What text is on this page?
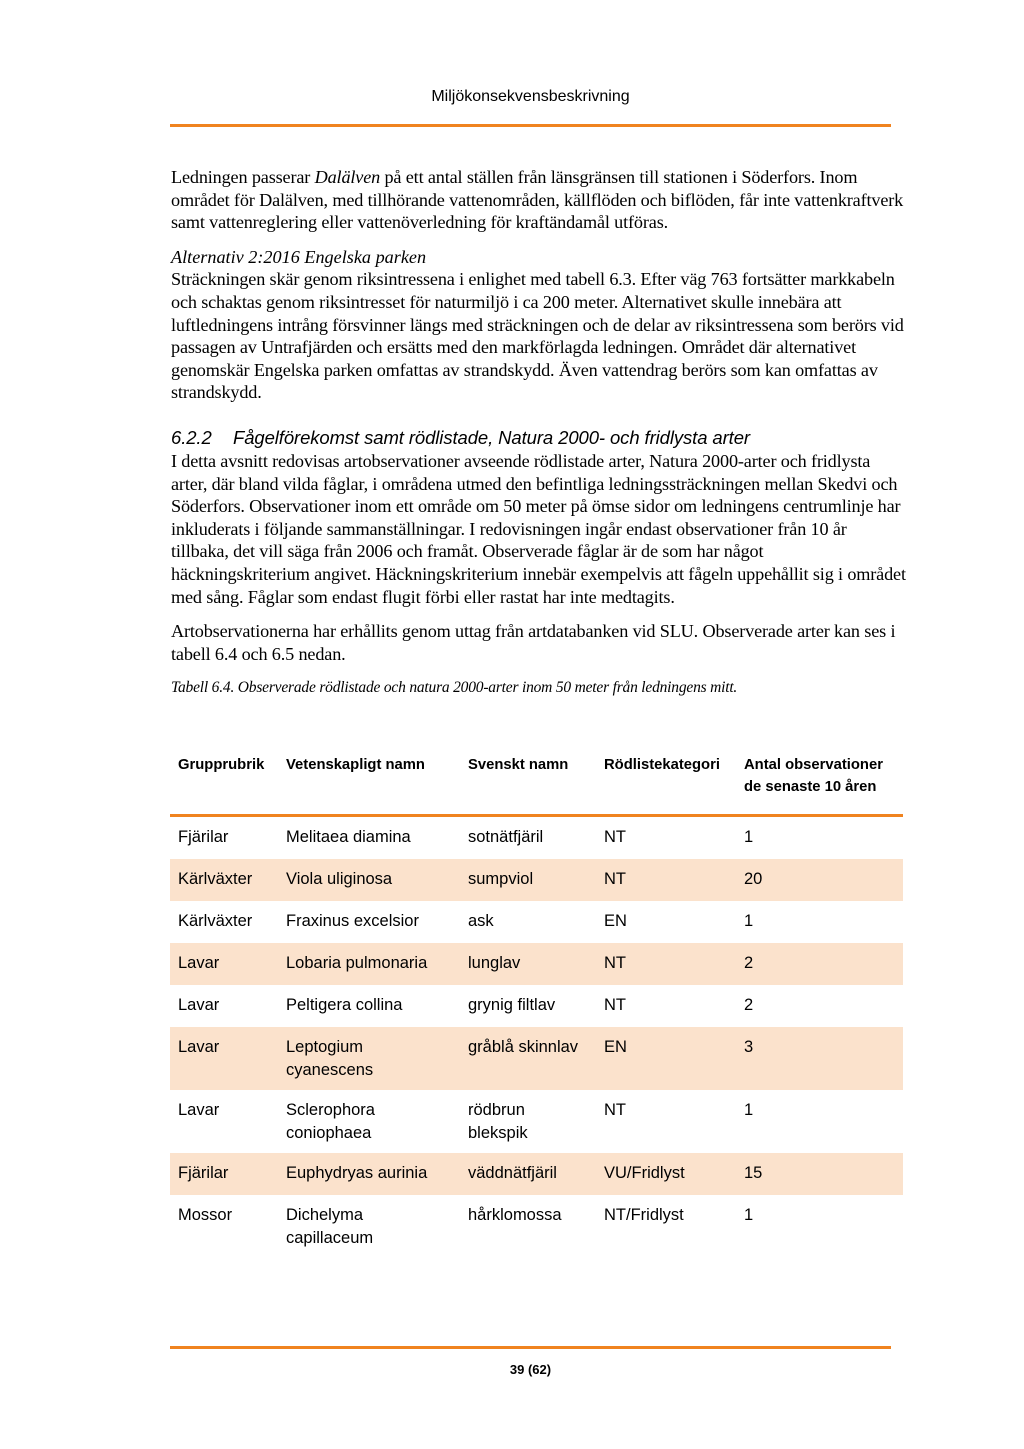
Miljökonsekvensbeskrivning

Ledningen passerar Dalälven på ett antal ställen från länsgränsen till stationen i Söderfors. Inom området för Dalälven, med tillhörande vattenområden, källflöden och biflöden, får inte vattenkraftverk samt vattenreglering eller vattenöverledning för kraftändamål utföras.

Alternativ 2:2016 Engelska parken

Sträckningen skär genom riksintressena i enlighet med tabell 6.3. Efter väg 763 fortsätter markkabeln och schaktas genom riksintresset för naturmiljö i ca 200 meter. Alternativet skulle innebära att luftledningens intrång försvinner längs med sträckningen och de delar av riksintressena som berörs vid passagen av Untrafjärden och ersätts med den markförlagda ledningen. Området där alternativet genomskär Engelska parken omfattas av strandskydd. Även vattendrag berörs som kan omfattas av strandskydd.

6.2.2 Fågelförekomst samt rödlistade, Natura 2000- och fridlysta arter

I detta avsnitt redovisas artobservationer avseende rödlistade arter, Natura 2000-arter och fridlysta arter, där bland vilda fåglar, i områdena utmed den befintliga ledningssträckningen mellan Skedvi och Söderfors. Observationer inom ett område om 50 meter på ömse sidor om ledningens centrumlinje har inkluderats i följande sammanställningar. I redovisningen ingår endast observationer från 10 år tillbaka, det vill säga från 2006 och framåt. Observerade fåglar är de som har något häckningskriterium angivet. Häckningskriterium innebär exempelvis att fågeln uppehållit sig i området med sång. Fåglar som endast flugit förbi eller rastat har inte medtagits.

Artobservationerna har erhållits genom uttag från artdatabanken vid SLU. Observerade arter kan ses i tabell 6.4 och 6.5 nedan.

Tabell 6.4. Observerade rödlistade och natura 2000-arter inom 50 meter från ledningens mitt.
Grupprubrik	Vetenskapligt namn	Svenskt namn	Rödlistekategori	Antal observationer de senaste 10 åren
Fjärilar	Melitaea diamina	sotnätfjäril	NT	1
Kärlväxter	Viola uliginosa	sumpviol	NT	20
Kärlväxter	Fraxinus excelsior	ask	EN	1
Lavar	Lobaria pulmonaria	lunglav	NT	2
Lavar	Peltigera collina	grynig filtlav	NT	2
Lavar	Leptogium cyanescens	gråblå skinnlav	EN	3
Lavar	Sclerophora coniophaea	rödbrun blekspik	NT	1
Fjärilar	Euphydryas aurinia	väddnätfjäril	VU/Fridlyst	15
Mossor	Dichelyma capillaceum	hårklomossa	NT/Fridlyst	1
39 (62)
